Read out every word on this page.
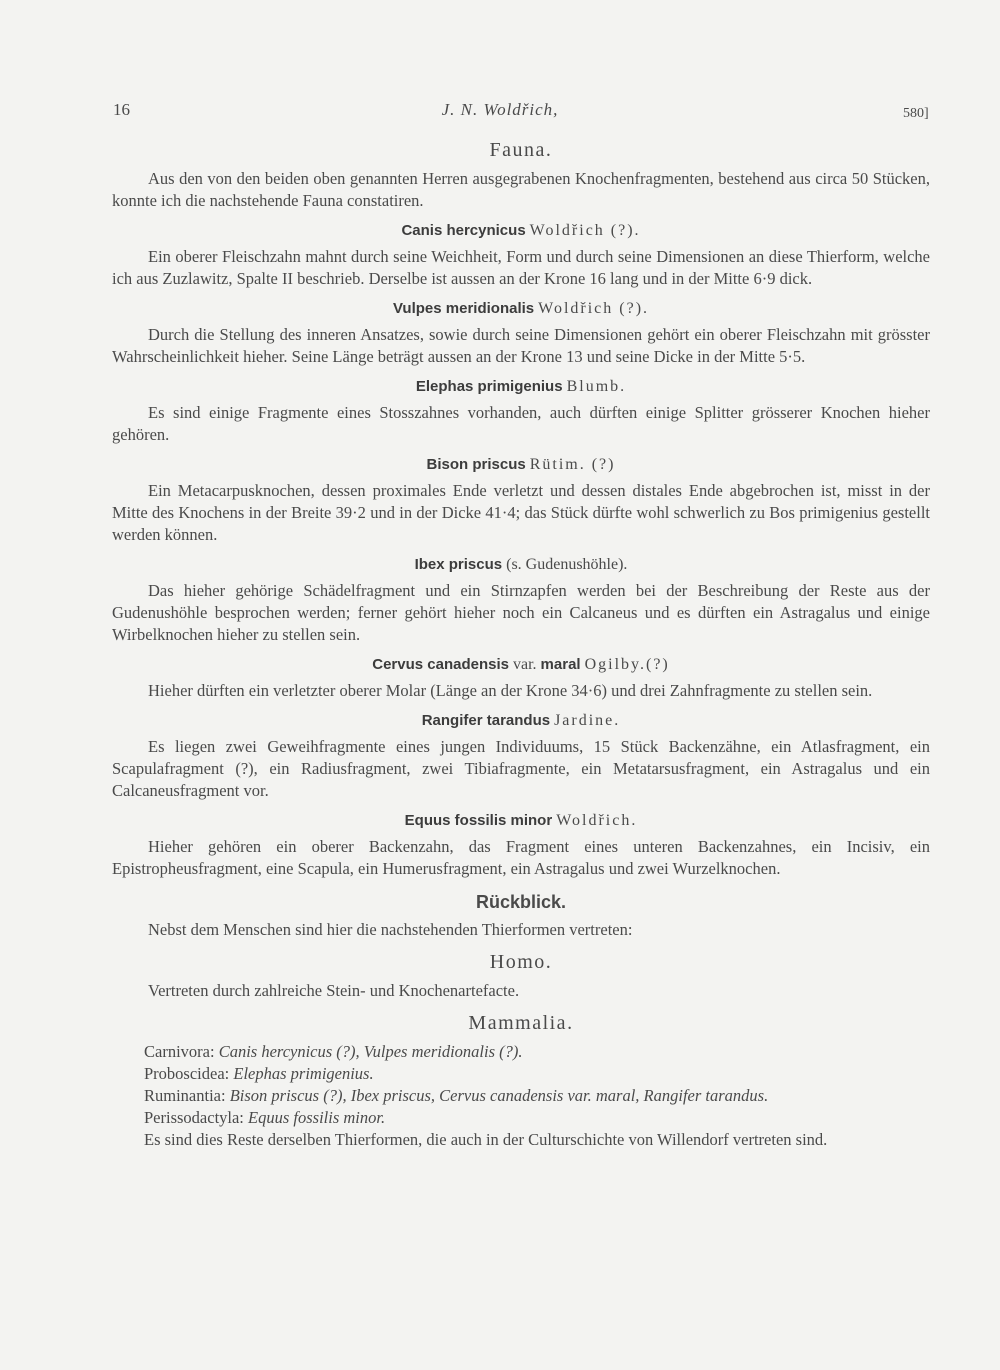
16	J. N. Woldřich,	580]
Fauna.

Aus den von den beiden oben genannten Herren ausgegrabenen Knochenfragmenten, bestehend aus circa 50 Stücken, konnte ich die nachstehende Fauna constatiren.

Canis hercynicus Woldřich (?).

Ein oberer Fleischzahn mahnt durch seine Weichheit, Form und durch seine Dimensionen an diese Thierform, welche ich aus Zuzlawitz, Spalte II beschrieb. Derselbe ist aussen an der Krone 16 lang und in der Mitte 6·9 dick.

Vulpes meridionalis Woldřich (?).

Durch die Stellung des inneren Ansatzes, sowie durch seine Dimensionen gehört ein oberer Fleischzahn mit grösster Wahrscheinlichkeit hieher. Seine Länge beträgt aussen an der Krone 13 und seine Dicke in der Mitte 5·5.

Elephas primigenius Blumb.

Es sind einige Fragmente eines Stosszahnes vorhanden, auch dürften einige Splitter grösserer Knochen hieher gehören.

Bison priscus Rütim. (?)

Ein Metacarpusknochen, dessen proximales Ende verletzt und dessen distales Ende abgebrochen ist, misst in der Mitte des Knochens in der Breite 39·2 und in der Dicke 41·4; das Stück dürfte wohl schwerlich zu Bos primigenius gestellt werden können.

Ibex priscus (s. Gudenushöhle).

Das hieher gehörige Schädelfragment und ein Stirnzapfen werden bei der Beschreibung der Reste aus der Gudenushöhle besprochen werden; ferner gehört hieher noch ein Calcaneus und es dürften ein Astragalus und einige Wirbelknochen hieher zu stellen sein.

Cervus canadensis var. maral Ogilby.(?)

Hieher dürften ein verletzter oberer Molar (Länge an der Krone 34·6) und drei Zahnfragmente zu stellen sein.

Rangifer tarandus Jardine.

Es liegen zwei Geweihfragmente eines jungen Individuums, 15 Stück Backenzähne, ein Atlasfragment, ein Scapulafragment (?), ein Radiusfragment, zwei Tibiafragmente, ein Metatarsusfragment, ein Astragalus und ein Calcaneusfragment vor.

Equus fossilis minor Woldřich.

Hieher gehören ein oberer Backenzahn, das Fragment eines unteren Backenzahnes, ein Incisiv, ein Epistropheusfragment, eine Scapula, ein Humerusfragment, ein Astragalus und zwei Wurzelknochen.

Rückblick.

Nebst dem Menschen sind hier die nachstehenden Thierformen vertreten:

Homo.

Vertreten durch zahlreiche Stein- und Knochenartefacte.

Mammalia.
Carnivora: Canis hercynicus (?), Vulpes meridionalis (?).
Proboscidea: Elephas primigenius.
Ruminantia: Bison priscus (?), Ibex priscus, Cervus canadensis var. maral, Rangifer tarandus.
Perissodactyla: Equus fossilis minor.
Es sind dies Reste derselben Thierformen, die auch in der Culturschichte von Willendorf vertreten sind.
